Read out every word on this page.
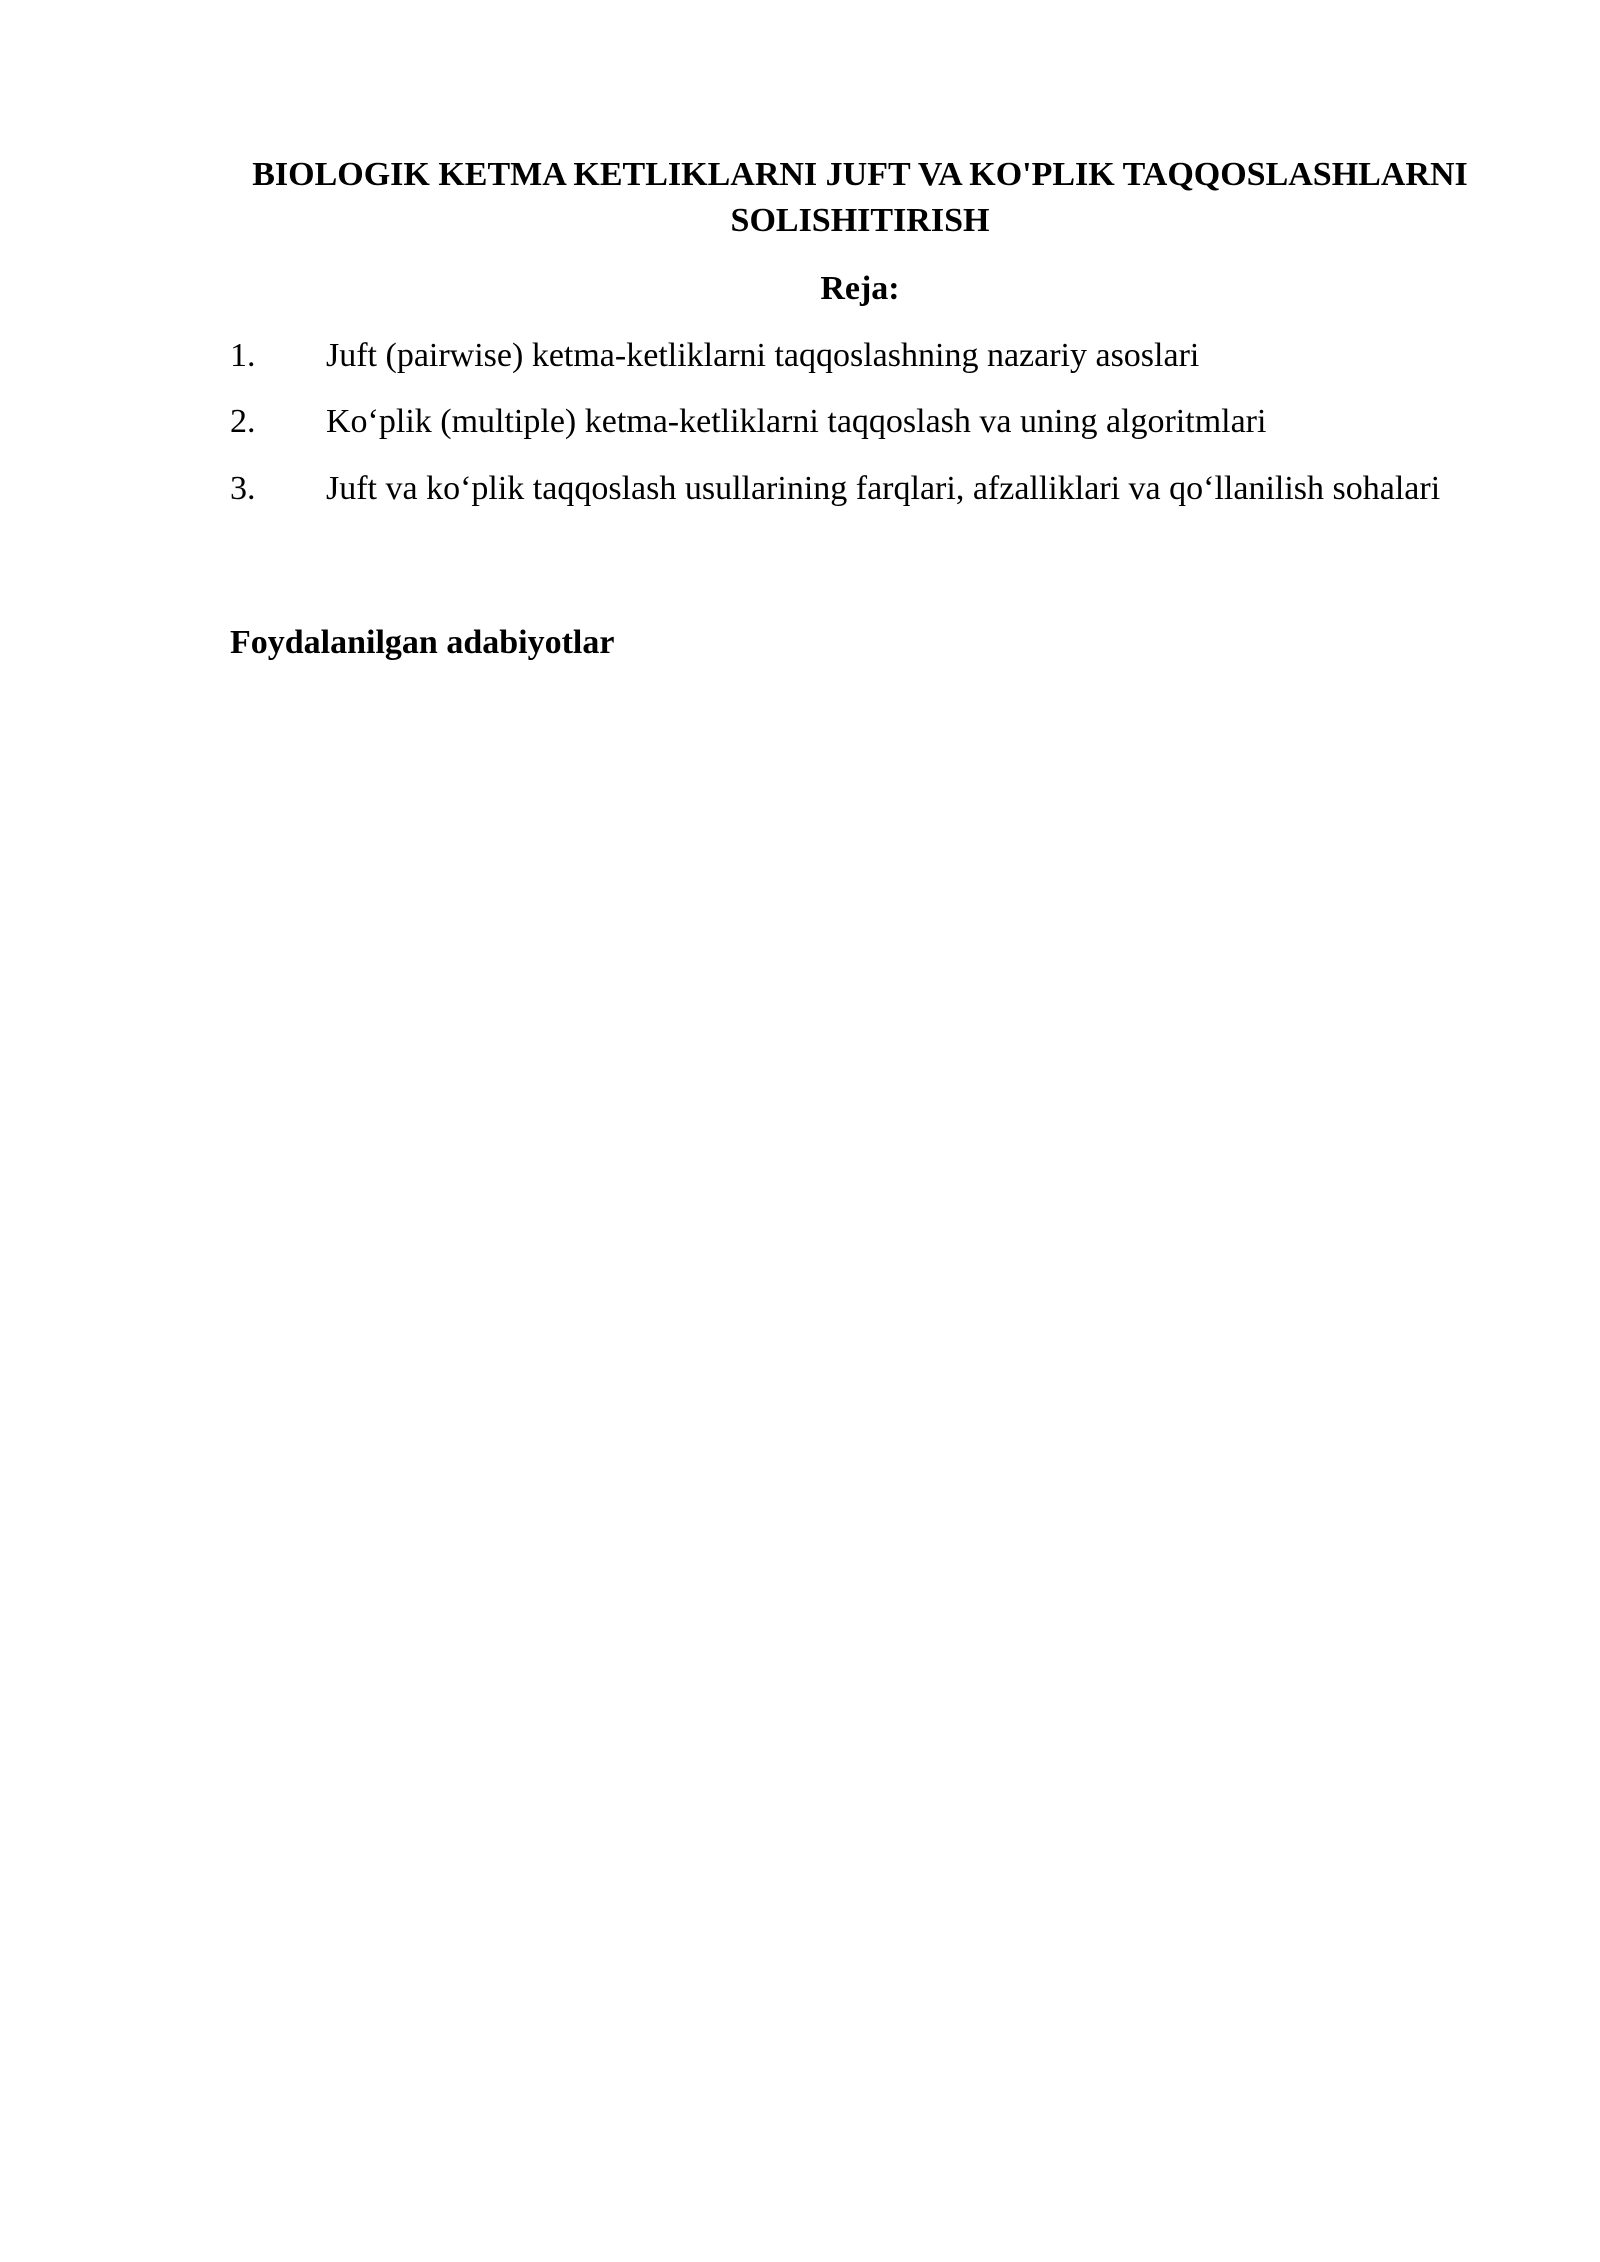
BIOLOGIK KETMA KETLIKLARNI JUFT VA KO'PLIK TAQQOSLASHLARNI SOLISHITIRISH
Reja:
1. Juft (pairwise) ketma-ketliklarni taqqoslashning nazariy asoslari
2. Ko‘plik (multiple) ketma-ketliklarni taqqoslash va uning algoritmlari
3. Juft va ko‘plik taqqoslash usullarining farqlari, afzalliklari va qo‘llanilish sohalari
Foydalanilgan adabiyotlar
